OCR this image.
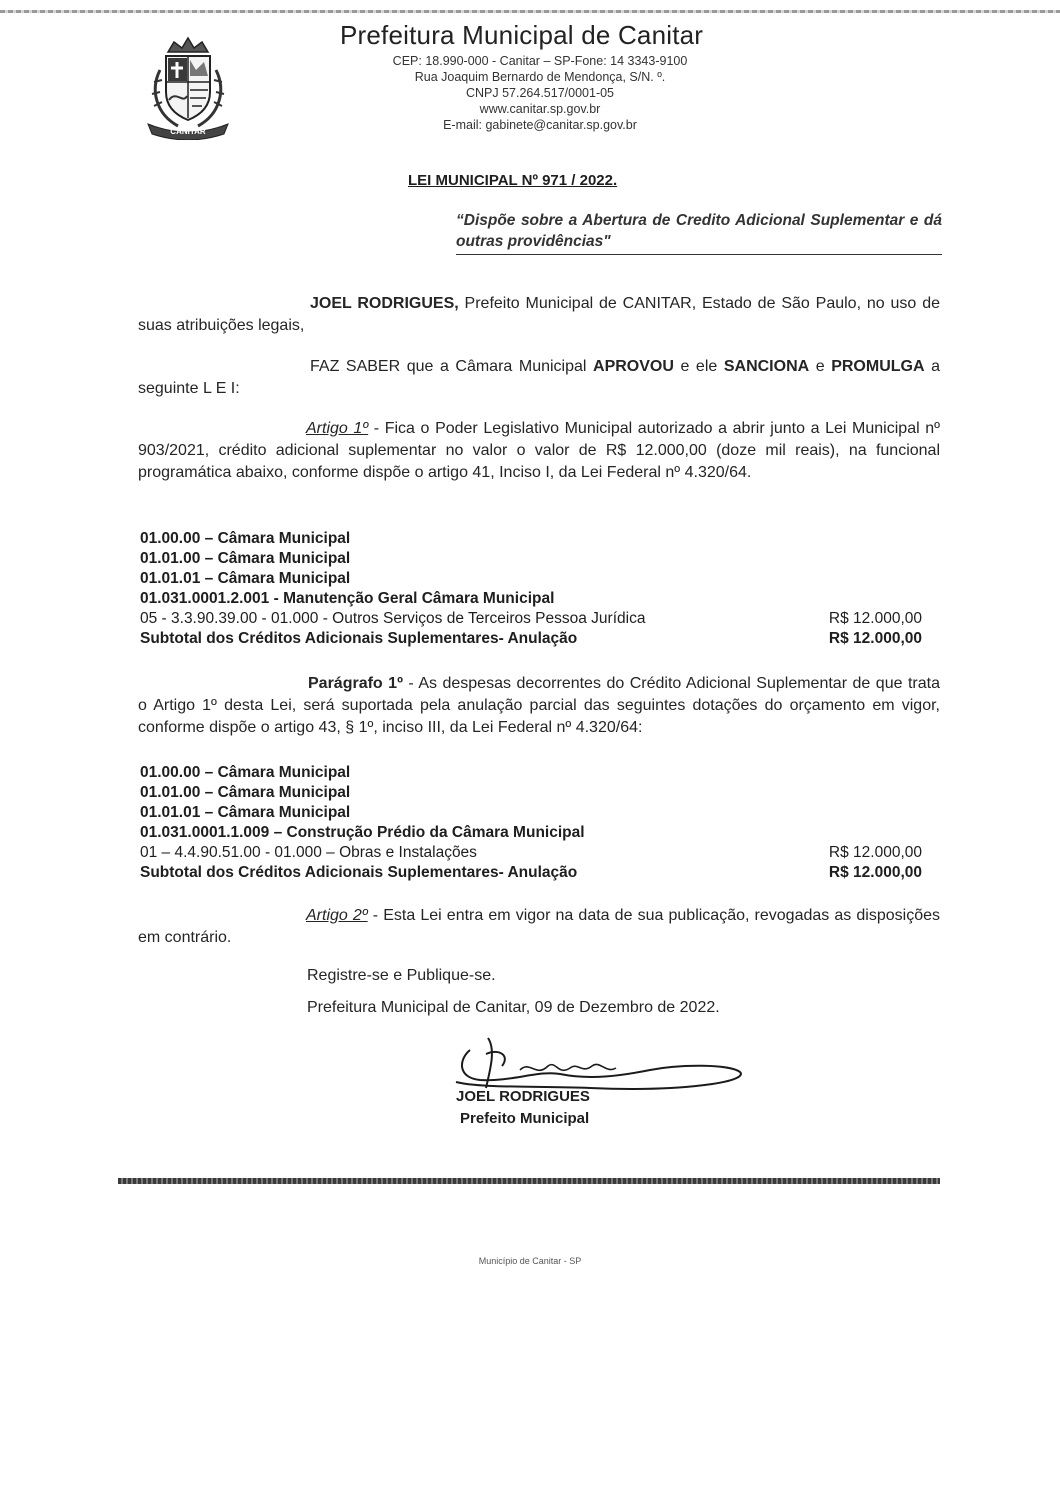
CANITAR
Prefeitura Municipal de Canitar
CEP: 18.990-000 - Canitar – SP-Fone: 14 3343-9100
Rua Joaquim Bernardo de Mendonça, S/N. º.
CNPJ 57.264.517/0001-05
www.canitar.sp.gov.br
E-mail: gabinete@canitar.sp.gov.br
LEI MUNICIPAL Nº 971 / 2022.
“Dispõe sobre a Abertura de Credito Adicional Suplementar e dá outras providências"
JOEL RODRIGUES, Prefeito Municipal de CANITAR, Estado de São Paulo, no uso de suas atribuições legais,
FAZ SABER que a Câmara Municipal APROVOU e ele SANCIONA e PROMULGA a seguinte L E I:
Artigo 1º - Fica o Poder Legislativo Municipal autorizado a abrir junto a Lei Municipal nº 903/2021, crédito adicional suplementar no valor o valor de R$ 12.000,00 (doze mil reais), na funcional programática abaixo, conforme dispõe o artigo 41, Inciso I, da Lei Federal nº 4.320/64.
01.00.00 – Câmara Municipal
01.01.00 – Câmara Municipal
01.01.01 – Câmara Municipal
01.031.0001.2.001 - Manutenção Geral Câmara Municipal
05 - 3.3.90.39.00 - 01.000 - Outros Serviços de Terceiros Pessoa Jurídica	R$ 12.000,00
Subtotal dos Créditos Adicionais Suplementares- Anulação	R$ 12.000,00
Parágrafo 1º - As despesas decorrentes do Crédito Adicional Suplementar de que trata o Artigo 1º desta Lei, será suportada pela anulação parcial das seguintes dotações do orçamento em vigor, conforme dispõe o artigo 43, § 1º, inciso III, da Lei Federal nº 4.320/64:
01.00.00 – Câmara Municipal
01.01.00 – Câmara Municipal
01.01.01 – Câmara Municipal
01.031.0001.1.009 – Construção Prédio da Câmara Municipal
01 – 4.4.90.51.00 - 01.000 – Obras e Instalações	R$ 12.000,00
Subtotal dos Créditos Adicionais Suplementares- Anulação	R$ 12.000,00
Artigo 2º - Esta Lei entra em vigor na data de sua publicação, revogadas as disposições em contrário.
Registre-se e Publique-se.
Prefeitura Municipal de Canitar, 09 de Dezembro de 2022.
JOEL RODRIGUES
Prefeito Municipal
Município de Canitar - SP
